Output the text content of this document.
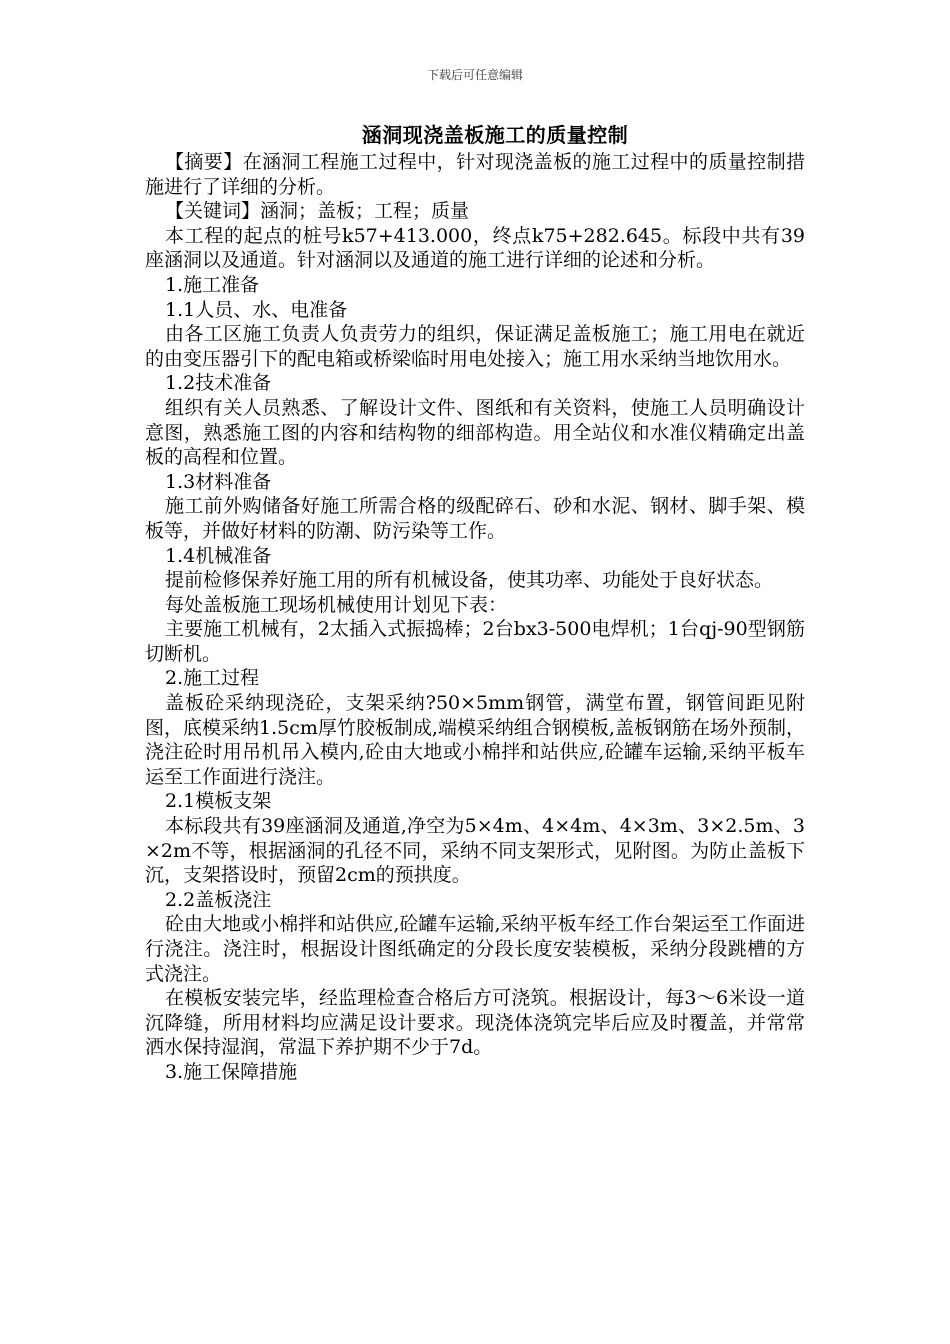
下载后可任意编辑
涵洞现浇盖板施工的质量控制

【摘要】在涵洞工程施工过程中，针对现浇盖板的施工过程中的质量控制措施进行了详细的分析。

【关键词】涵洞；盖板；工程；质量

本工程的起点的桩号k57+413.000，终点k75+282.645。标段中共有39座涵洞以及通道。针对涵洞以及通道的施工进行详细的论述和分析。

1.施工准备

1.1人员、水、电准备

由各工区施工负责人负责劳力的组织，保证满足盖板施工；施工用电在就近的由变压器引下的配电箱或桥梁临时用电处接入；施工用水采纳当地饮用水。

1.2技术准备

组织有关人员熟悉、了解设计文件、图纸和有关资料，使施工人员明确设计意图，熟悉施工图的内容和结构物的细部构造。用全站仪和水准仪精确定出盖板的高程和位置。

1.3材料准备

施工前外购储备好施工所需合格的级配碎石、砂和水泥、钢材、脚手架、模板等，并做好材料的防潮、防污染等工作。

1.4机械准备

提前检修保养好施工用的所有机械设备，使其功率、功能处于良好状态。

每处盖板施工现场机械使用计划见下表：

主要施工机械有，2太插入式振捣棒；2台bx3-500电焊机；1台qj-90型钢筋切断机。

2.施工过程

盖板砼采纳现浇砼，支架采纳?50×5mm钢管，满堂布置，钢管间距见附图，底模采纳1.5cm厚竹胶板制成,端模采纳组合钢模板,盖板钢筋在场外预制，浇注砼时用吊机吊入模内,砼由大地或小棉拌和站供应,砼罐车运输,采纳平板车运至工作面进行浇注。

2.1模板支架

本标段共有39座涵洞及通道,净空为5×4m、4×4m、4×3m、3×2.5m、3×2m不等，根据涵洞的孔径不同，采纳不同支架形式，见附图。为防止盖板下沉，支架搭设时，预留2cm的预拱度。

2.2盖板浇注

砼由大地或小棉拌和站供应,砼罐车运输,采纳平板车经工作台架运至工作面进行浇注。浇注时，根据设计图纸确定的分段长度安装模板，采纳分段跳槽的方式浇注。

在模板安装完毕，经监理检查合格后方可浇筑。根据设计，每3～6米设一道沉降缝，所用材料均应满足设计要求。现浇体浇筑完毕后应及时覆盖，并常常洒水保持湿润，常温下养护期不少于7d。

3.施工保障措施
